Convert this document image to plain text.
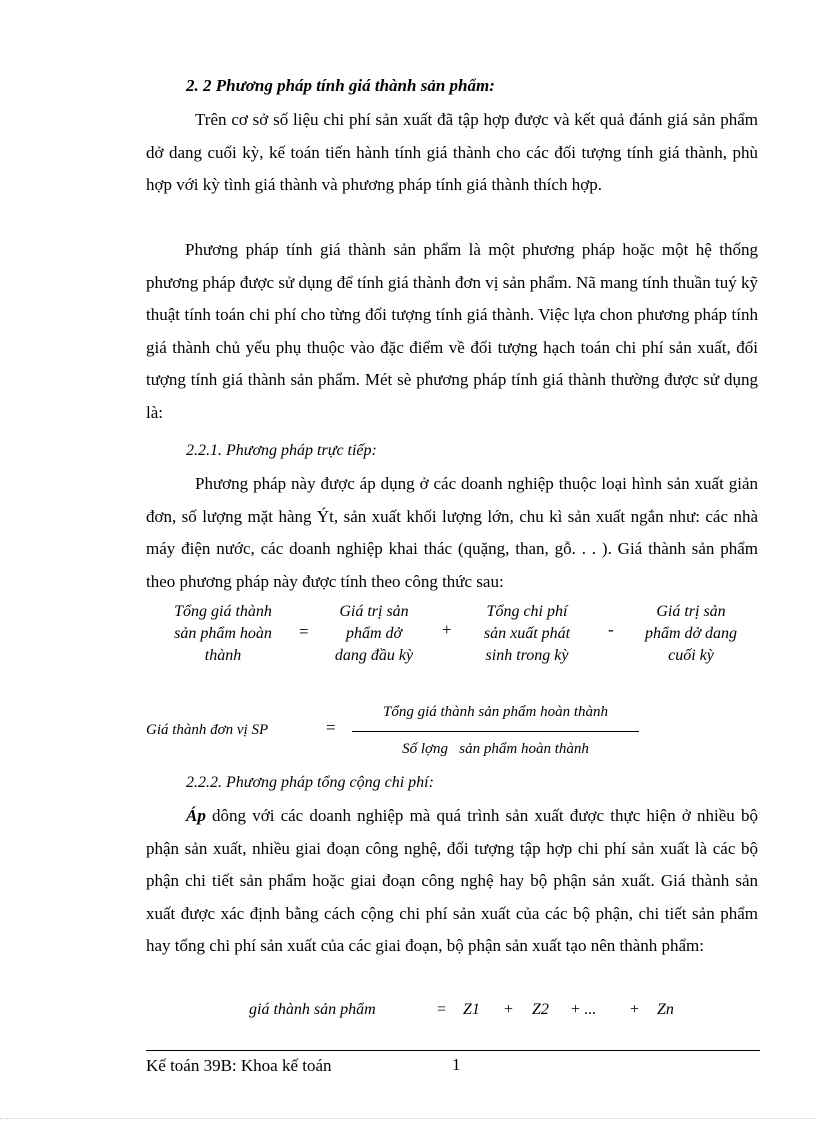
2. 2 Phương pháp tính giá thành sản phẩm:
Trên cơ sở số liệu chi phí sản xuất đã tập hợp được và kết quả đánh giá sản phẩm dở dang cuối kỳ, kế toán tiến hành tính giá thành cho các đối tượng tính giá thành, phù hợp với kỳ tình giá thành và phương pháp tính giá thành thích hợp.
Phương pháp tính giá thành sản phẩm là một phương pháp hoặc một hệ thống phương pháp được sử dụng để tính giá thành đơn vị sản phẩm. Nã mang tính thuần tuý kỹ thuật tính toán chi phí cho từng đối tượng tính giá thành. Việc lựa chon phương pháp tính giá thành chủ yếu phụ thuộc vào đặc điểm về đối tượng hạch toán chi phí sản xuất, đối tượng tính giá thành sản phẩm. Mét sè phương pháp tính giá thành thường được sử dụng là:
2.2.1. Phương pháp trực tiếp:
Phương pháp này được áp dụng ở các doanh nghiệp thuộc loại hình sản xuất giản đơn, số lượng mặt hàng Ýt, sản xuất khối lượng lớn, chu kì sản xuất ngắn như: các nhà máy điện nước, các doanh nghiệp khai thác (quặng, than, gỗ. . . ). Giá thành sản phẩm theo phương pháp này được tính theo công thức sau:
Tổng giá thành
sản phẩm hoàn
thành
=
Giá trị sản
phẩm dở
dang đầu kỳ
+
Tổng chi phí
sản xuất phát
sinh trong kỳ
-
Giá trị sản
phẩm dở dang
cuối kỳ
Giá thành đơn vị SP	=
Tổng giá thành sản phẩm hoàn thành
Số lợng   sản phẩm hoàn thành
2.2.2. Phương pháp tổng cộng chi phí:
Áp dông với các doanh nghiệp mà quá trình sản xuất được thực hiện ở nhiều bộ phận sản xuất, nhiều giai đoạn công nghệ, đối tượng tập hợp chi phí sản xuất là các bộ phận chi tiết sản phẩm hoặc giai đoạn công nghệ hay bộ phận sản xuất. Giá thành sản xuất được xác định bằng cách cộng chi phí sản xuất của các bộ phận, chi tiết sản phẩm hay tổng chi phí sản xuất của các giai đoạn, bộ phận sản xuất tạo nên thành phẩm:
giá thành sản phẩm	= Z1 + Z2 + ... + Zn
Kế toán 39B: Khoa kế toán	1
